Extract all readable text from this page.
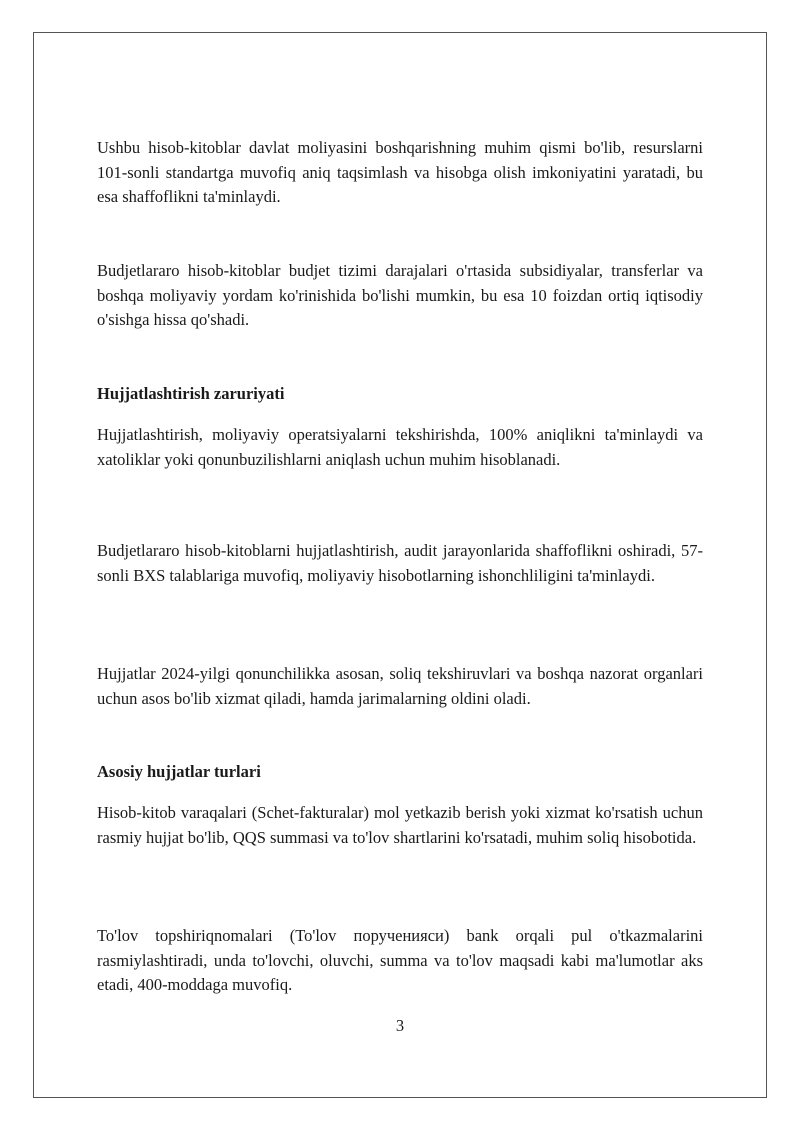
Ushbu hisob-kitoblar davlat moliyasini boshqarishning muhim qismi bo'lib, resurslarni 101-sonli standartga muvofiq aniq taqsimlash va hisobga olish imkoniyatini yaratadi, bu esa shaffoflikni ta'minlaydi.

Budjetlararo hisob-kitoblar budjet tizimi darajalari o'rtasida subsidiyalar, transferlar va boshqa moliyaviy yordam ko'rinishida bo'lishi mumkin, bu esa 10 foizdan ortiq iqtisodiy o'sishga hissa qo'shadi.

Hujjatlashtirish zaruriyati

Hujjatlashtirish, moliyaviy operatsiyalarni tekshirishda, 100% aniqlikni ta'minlaydi va xatoliklar yoki qonunbuzilishlarni aniqlash uchun muhim hisoblanadi.

Budjetlararo hisob-kitoblarni hujjatlashtirish, audit jarayonlarida shaffoflikni oshiradi, 57-sonli BXS talablariga muvofiq, moliyaviy hisobotlarning ishonchliligini ta'minlaydi.

Hujjatlar 2024-yilgi qonunchilikka asosan, soliq tekshiruvlari va boshqa nazorat organlari uchun asos bo'lib xizmat qiladi, hamda jarimalarning oldini oladi.

Asosiy hujjatlar turlari

Hisob-kitob varaqalari (Schet-fakturalar) mol yetkazib berish yoki xizmat ko'rsatish uchun rasmiy hujjat bo'lib, QQS summasi va to'lov shartlarini ko'rsatadi, muhim soliq hisobotida.

To'lov topshiriqnomalari (To'lov порученияси) bank orqali pul o'tkazmalarini rasmiylashtiradi, unda to'lovchi, oluvchi, summa va to'lov maqsadi kabi ma'lumotlar aks etadi, 400-moddaga muvofiq.

3
